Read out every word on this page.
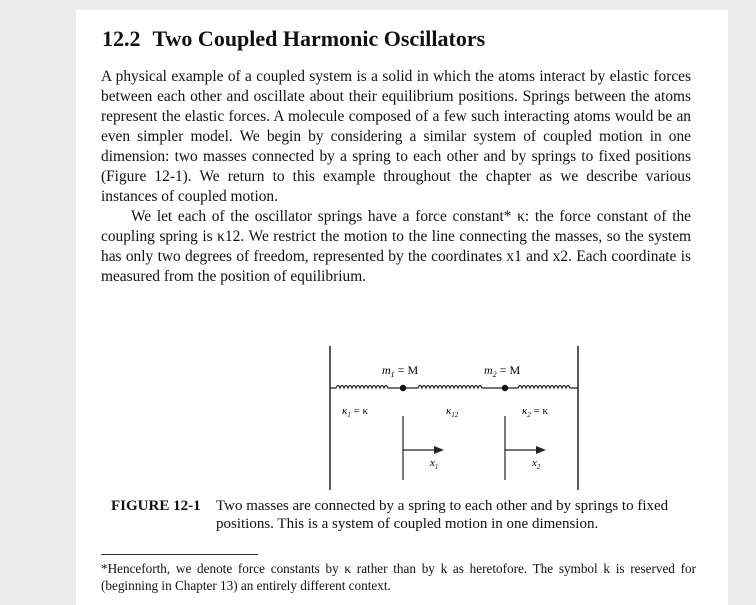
12.2 Two Coupled Harmonic Oscillators

A physical example of a coupled system is a solid in which the atoms interact by elastic forces between each other and oscillate about their equilibrium positions. Springs between the atoms represent the elastic forces. A molecule composed of a few such interacting atoms would be an even simpler model. We begin by considering a similar system of coupled motion in one dimension: two masses connected by a spring to each other and by springs to fixed positions (Figure 12-1). We return to this example throughout the chapter as we describe various instances of coupled motion.

We let each of the oscillator springs have a force constant* κ: the force constant of the coupling spring is κ12. We restrict the motion to the line connecting the masses, so the system has only two degrees of freedom, represented by the coordinates x1 and x2. Each coordinate is measured from the position of equilibrium.

$m_1 = M$	$m_2 = M$
$\kappa_1 = \kappa$	$\kappa_{12}$	$\kappa_2 = \kappa$
$x_1$	$x_2$
FIGURE 12-1 Two masses are connected by a spring to each other and by springs to fixed positions. This is a system of coupled motion in one dimension.
*Henceforth, we denote force constants by κ rather than by k as heretofore. The symbol k is reserved for (beginning in Chapter 13) an entirely different context.
